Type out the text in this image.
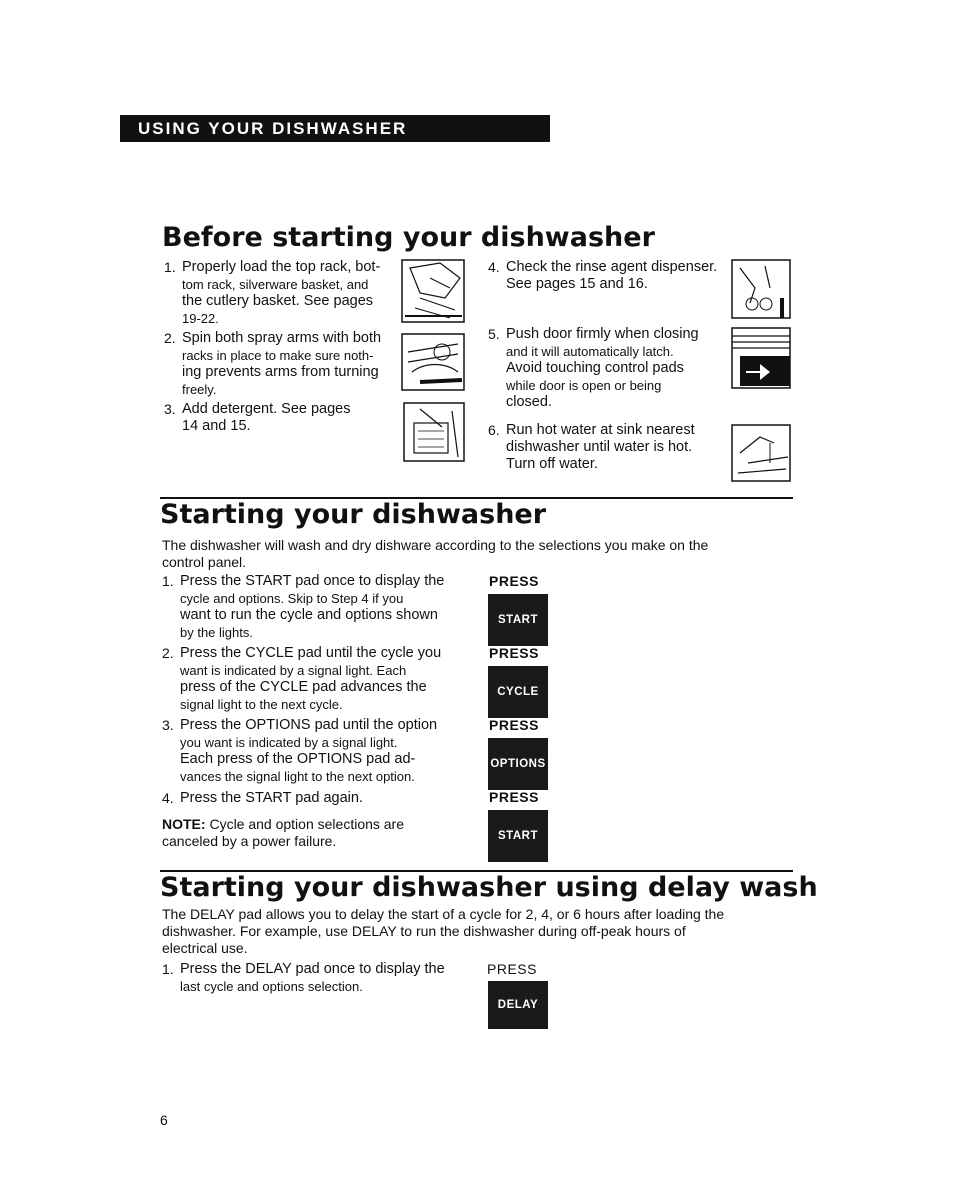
USING YOUR DISHWASHER
Before starting your dishwasher
1. Properly load the top rack, bot-
tom rack, silverware basket, and
the cutlery basket. See pages
19-22.
2. Spin both spray arms with both
racks in place to make sure noth-
ing prevents arms from turning
freely.
3. Add detergent. See pages
14 and 15.
4. Check the rinse agent dispenser.
See pages 15 and 16.
5. Push door firmly when closing
and it will automatically latch.
Avoid touching control pads
while door is open or being
closed.
6. Run hot water at sink nearest
dishwasher until water is hot.
Turn off water.
Starting your dishwasher
The dishwasher will wash and dry dishware according to the selections you make on the
control panel.
1. Press the START pad once to display the
cycle and options. Skip to Step 4 if you
want to run the cycle and options shown
by the lights.
2. Press the CYCLE pad until the cycle you
want is indicated by a signal light. Each
press of the CYCLE pad advances the
signal light to the next cycle.
3. Press the OPTIONS pad until the option
you want is indicated by a signal light.
Each press of the OPTIONS pad ad-
vances the signal light to the next option.
4. Press the START pad again.
NOTE: Cycle and option selections are
canceled by a power failure.
PRESS
START
PRESS
CYCLE
PRESS
OPTIONS
PRESS
START
Starting your dishwasher using delay wash
The DELAY pad allows you to delay the start of a cycle for 2, 4, or 6 hours after loading the
dishwasher. For example, use DELAY to run the dishwasher during off-peak hours of
electrical use.
1. Press the DELAY pad once to display the
last cycle and options selection.
PRESS
DELAY
6
